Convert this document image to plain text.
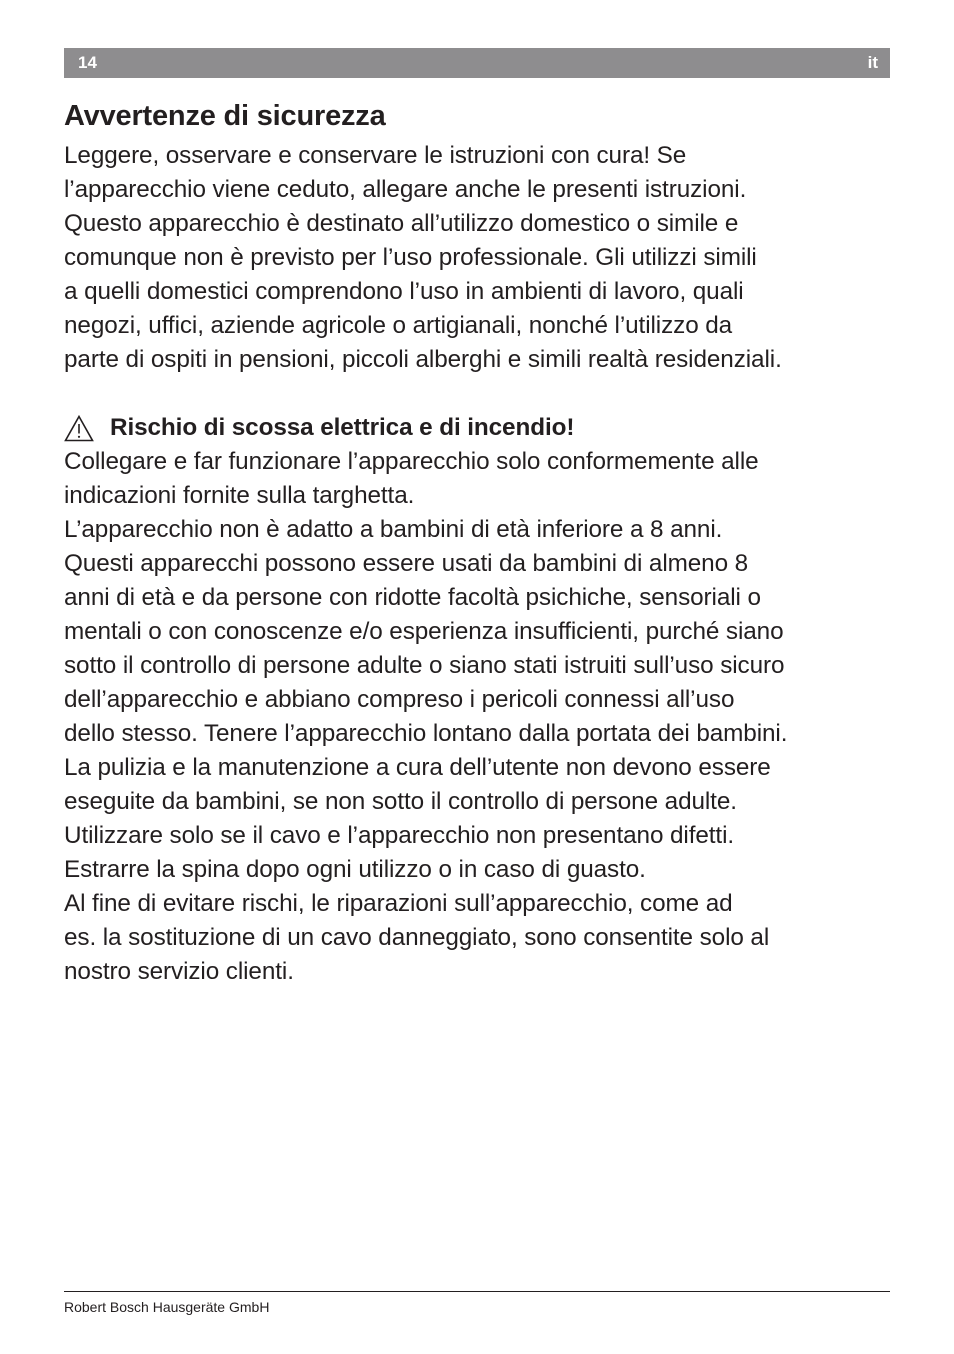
14	it
Avvertenze di sicurezza
Leggere, osservare e conservare le istruzioni con cura! Se
l’apparecchio viene ceduto, allegare anche le presenti istruzioni.
Questo apparecchio è destinato all’utilizzo domestico o simile e
comunque non è previsto per l’uso professionale. Gli utilizzi simili
a quelli domestici comprendono l’uso in ambienti di lavoro, quali
negozi, uffici, aziende agricole o artigianali, nonché l’utilizzo da
parte di ospiti in pensioni, piccoli alberghi e simili realtà residenziali.
Rischio di scossa elettrica e di incendio!
Collegare e far funzionare l’apparecchio solo conformemente alle
indicazioni fornite sulla targhetta.
L’apparecchio non è adatto a bambini di età inferiore a 8 anni.
Questi apparecchi possono essere usati da bambini di almeno 8
anni di età e da persone con ridotte facoltà psichiche, sensoriali o
mentali o con conoscenze e/o esperienza insufficienti, purché siano
sotto il controllo di persone adulte o siano stati istruiti sull’uso sicuro
dell’apparecchio e abbiano compreso i pericoli connessi all’uso
dello stesso. Tenere l’apparecchio lontano dalla portata dei bambini.
La pulizia e la manutenzione a cura dell’utente non devono essere
eseguite da bambini, se non sotto il controllo di persone adulte.
Utilizzare solo se il cavo e l’apparecchio non presentano difetti.
Estrarre la spina dopo ogni utilizzo o in caso di guasto.
Al fine di evitare rischi, le riparazioni sull’apparecchio, come ad
es. la sostituzione di un cavo danneggiato, sono consentite solo al
nostro servizio clienti.
Robert Bosch Hausgeräte GmbH
